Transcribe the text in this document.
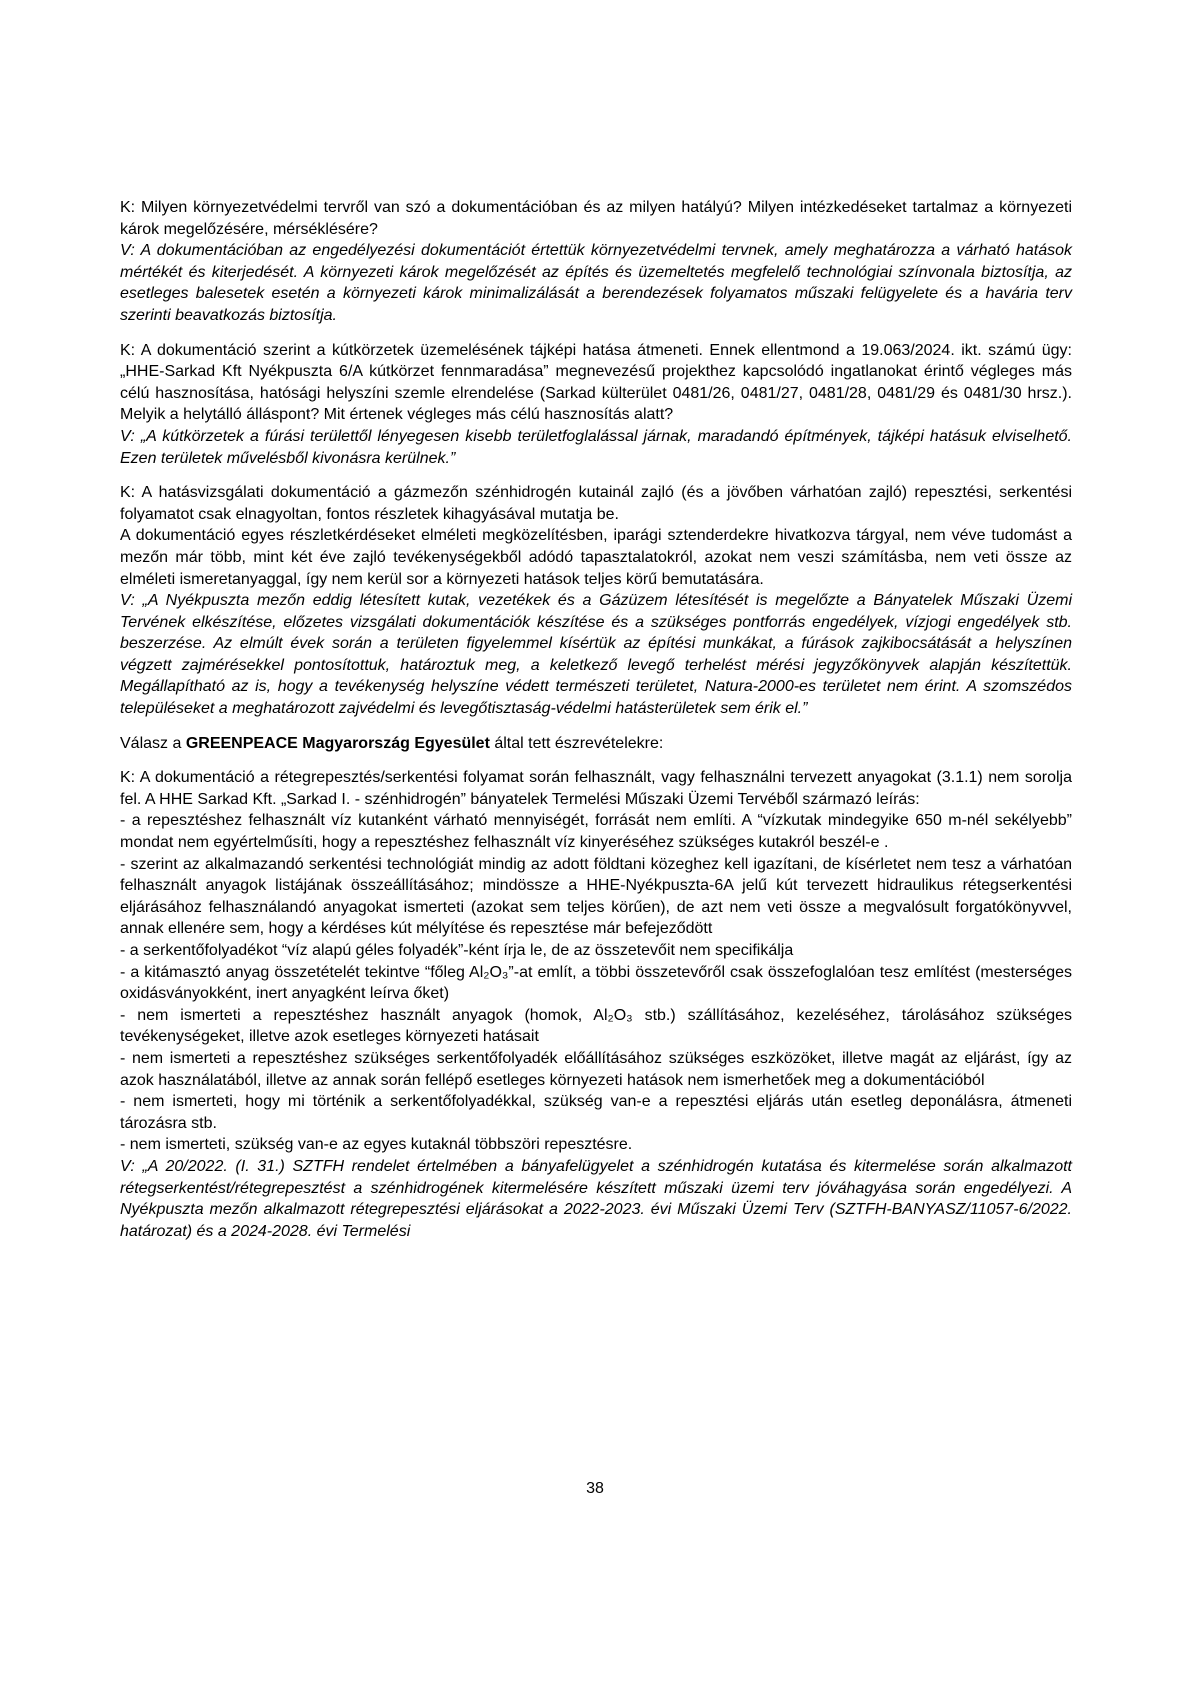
K: Milyen környezetvédelmi tervről van szó a dokumentációban és az milyen hatályú? Milyen intézkedéseket tartalmaz a környezeti károk megelőzésére, mérséklésére?

V: A dokumentációban az engedélyezési dokumentációt értettük környezetvédelmi tervnek, amely meghatározza a várható hatások mértékét és kiterjedését. A környezeti károk megelőzését az építés és üzemeltetés megfelelő technológiai színvonala biztosítja, az esetleges balesetek esetén a környezeti károk minimalizálását a berendezések folyamatos műszaki felügyelete és a havária terv szerinti beavatkozás biztosítja.

K: A dokumentáció szerint a kútkörzetek üzemelésének tájképi hatása átmeneti. Ennek ellentmond a 19.063/2024. ikt. számú ügy: „HHE-Sarkad Kft Nyékpuszta 6/A kútkörzet fennmaradása” megnevezésű projekthez kapcsolódó ingatlanokat érintő végleges más célú hasznosítása, hatósági helyszíni szemle elrendelése (Sarkad külterület 0481/26, 0481/27, 0481/28, 0481/29 és 0481/30 hrsz.). Melyik a helytálló álláspont? Mit értenek végleges más célú hasznosítás alatt?

V: „A kútkörzetek a fúrási területtől lényegesen kisebb területfoglalással járnak, maradandó építmények, tájképi hatásuk elviselhető. Ezen területek művelésből kivonásra kerülnek.”

K: A hatásvizsgálati dokumentáció a gázmezőn szénhidrogén kutainál zajló (és a jövőben várhatóan zajló) repesztési, serkentési folyamatot csak elnagyoltan, fontos részletek kihagyásával mutatja be.

A dokumentáció egyes részletkérdéseket elméleti megközelítésben, iparági sztenderdekre hivatkozva tárgyal, nem véve tudomást a mezőn már több, mint két éve zajló tevékenységekből adódó tapasztalatokról, azokat nem veszi számításba, nem veti össze az elméleti ismeretanyaggal, így nem kerül sor a környezeti hatások teljes körű bemutatására.

V: „A Nyékpuszta mezőn eddig létesített kutak, vezetékek és a Gázüzem létesítését is megelőzte a Bányatelek Műszaki Üzemi Tervének elkészítése, előzetes vizsgálati dokumentációk készítése és a szükséges pontforrás engedélyek, vízjogi engedélyek stb. beszerzése. Az elmúlt évek során a területen figyelemmel kísértük az építési munkákat, a fúrások zajkibocsátását a helyszínen végzett zajmérésekkel pontosítottuk, határoztuk meg, a keletkező levegő terhelést mérési jegyzőkönyvek alapján készítettük. Megállapítható az is, hogy a tevékenység helyszíne védett természeti területet, Natura-2000-es területet nem érint. A szomszédos településeket a meghatározott zajvédelmi és levegőtisztaság-védelmi hatásterületek sem érik el.”

Válasz a GREENPEACE Magyarország Egyesület által tett észrevételekre:

K: A dokumentáció a rétegrepesztés/serkentési folyamat során felhasznált, vagy felhasználni tervezett anyagokat (3.1.1) nem sorolja fel. A HHE Sarkad Kft. „Sarkad I. - szénhidrogén” bányatelek Termelési Műszaki Üzemi Tervéből származó leírás:

- a repesztéshez felhasznált víz kutanként várható mennyiségét, forrását nem említi. A “vízkutak mindegyike 650 m-nél sekélyebb” mondat nem egyértelműsíti, hogy a repesztéshez felhasznált víz kinyeréséhez szükséges kutakról beszél-e .

- szerint az alkalmazandó serkentési technológiát mindig az adott földtani közeghez kell igazítani, de kísérletet nem tesz a várhatóan felhasznált anyagok listájának összeállításához; mindössze a HHE-Nyékpuszta-6A jelű kút tervezett hidraulikus rétegserkentési eljárásához felhasználandó anyagokat ismerteti (azokat sem teljes körűen), de azt nem veti össze a megvalósult forgatókönyvvel, annak ellenére sem, hogy a kérdéses kút mélyítése és repesztése már befejeződött

- a serkentőfolyadékot “víz alapú géles folyadék”-ként írja le, de az összetevőit nem specifikálja

- a kitámasztó anyag összetételét tekintve “főleg Al₂O₃”-at említ, a többi összetevőről csak összefoglalóan tesz említést (mesterséges oxidásványokként, inert anyagként leírva őket)

- nem ismerteti a repesztéshez használt anyagok (homok, Al₂O₃ stb.) szállításához, kezeléséhez, tárolásához szükséges tevékenységeket, illetve azok esetleges környezeti hatásait

- nem ismerteti a repesztéshez szükséges serkentőfolyadék előállításához szükséges eszközöket, illetve magát az eljárást, így az azok használatából, illetve az annak során fellépő esetleges környezeti hatások nem ismerhetőek meg a dokumentációból

- nem ismerteti, hogy mi történik a serkentőfolyadékkal, szükség van-e a repesztési eljárás után esetleg deponálásra, átmeneti tározásra stb.

- nem ismerteti, szükség van-e az egyes kutaknál többszöri repesztésre.

V: „A 20/2022. (I. 31.) SZTFH rendelet értelmében a bányafelügyelet a szénhidrogén kutatása és kitermelése során alkalmazott rétegserkentést/rétegrepesztést a szénhidrogének kitermelésére készített műszaki üzemi terv jóváhagyása során engedélyezi. A Nyékpuszta mezőn alkalmazott rétegrepesztési eljárásokat a 2022-2023. évi Műszaki Üzemi Terv (SZTFH-BANYASZ/11057-6/2022. határozat) és a 2024-2028. évi Termelési

38
